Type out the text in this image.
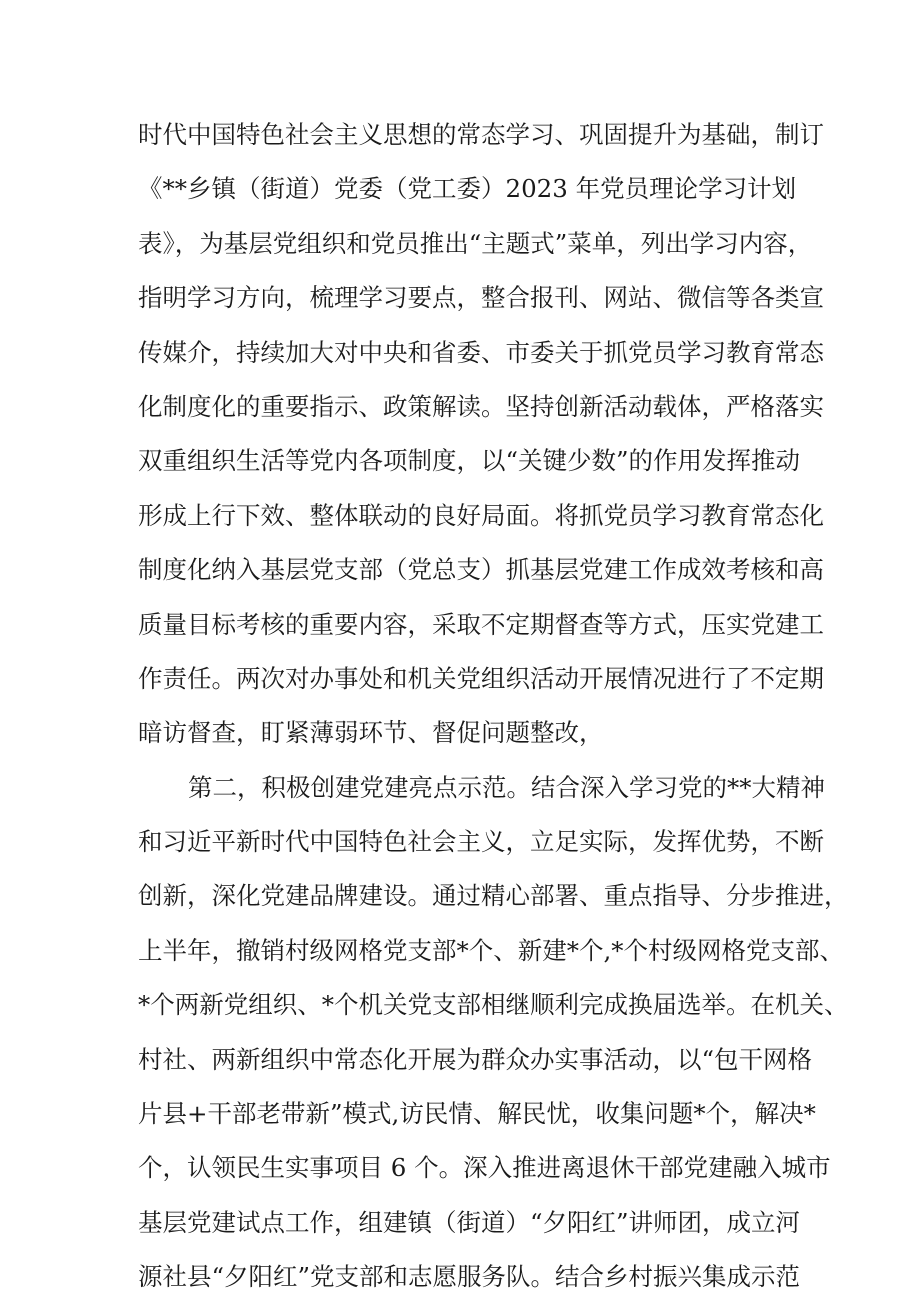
时代中国特色社会主义思想的常态学习、巩固提升为基础，制订
《**乡镇（街道）党委（党工委）2023 年党员理论学习计划
表》，为基层党组织和党员推出“主题式”菜单，列出学习内容，
指明学习方向，梳理学习要点，整合报刊、网站、微信等各类宣
传媒介，持续加大对中央和省委、市委关于抓党员学习教育常态
化制度化的重要指示、政策解读。坚持创新活动载体，严格落实
双重组织生活等党内各项制度，以“关键少数”的作用发挥推动
形成上行下效、整体联动的良好局面。将抓党员学习教育常态化
制度化纳入基层党支部（党总支）抓基层党建工作成效考核和高
质量目标考核的重要内容，采取不定期督查等方式，压实党建工
作责任。两次对办事处和机关党组织活动开展情况进行了不定期
暗访督查，盯紧薄弱环节、督促问题整改，
第二，积极创建党建亮点示范。结合深入学习党的**大精神
和习近平新时代中国特色社会主义，立足实际，发挥优势，不断
创新，深化党建品牌建设。通过精心部署、重点指导、分步推进，
上半年，撤销村级网格党支部*个、新建*个,*个村级网格党支部、
*个两新党组织、*个机关党支部相继顺利完成换届选举。在机关、
村社、两新组织中常态化开展为群众办实事活动，以“包干网格
片县+干部老带新”模式,访民情、解民忧，收集问题*个，解决*
个，认领民生实事项目 6 个。深入推进离退休干部党建融入城市
基层党建试点工作，组建镇（街道）“夕阳红”讲师团，成立河
源社县“夕阳红”党支部和志愿服务队。结合乡村振兴集成示范
